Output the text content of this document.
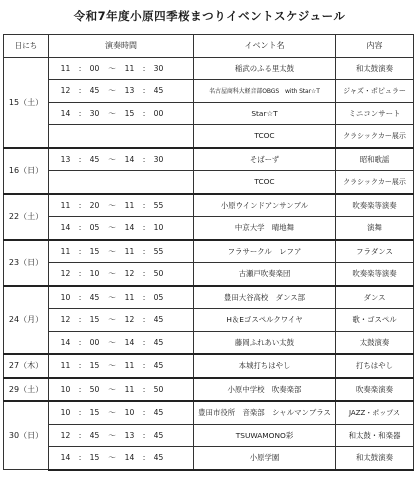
令和7年度小原四季桜まつりイベントスケジュール
日にち	演奏時間	イベント名	内容
15（土）	11 : 00 ～ 11 : 30	稲武のふる里太鼓	和太鼓演奏
	12 : 45 ～ 13 : 45	名古屋商科大軽音部OBGS　with Star☆T	ジャズ・ポピュラー
	14 : 30 ～ 15 : 00	Star☆T	ミニコンサート
		TCOC	クラシックカー展示
16（日）	13 : 45 ～ 14 : 30	そばーず	昭和歌謡
		TCOC	クラシックカー展示
22（土）	11 : 20 ～ 11 : 55	小原ウインドアンサンブル	吹奏楽等演奏
	14 : 05 ～ 14 : 10	中京大学　晴地舞	演舞
23（日）	11 : 15 ～ 11 : 55	フラサークル　レフア	フラダンス
	12 : 10 ～ 12 : 50	古瀬戸吹奏楽団	吹奏楽等演奏
24（月）	10 : 45 ～ 11 : 05	豊田大谷高校　ダンス部	ダンス
	12 : 15 ～ 12 : 45	H＆Eゴスペルクワイヤ	歌・ゴスペル
	14 : 00 ～ 14 : 45	藤岡ふれあい太鼓	太鼓演奏
27（木）	11 : 15 ～ 11 : 45	本城打ちはやし	打ちはやし
29（土）	10 : 50 ～ 11 : 50	小原中学校　吹奏楽部	吹奏楽演奏
30（日）	10 : 15 ～ 10 : 45	豊田市役所　音楽部　シャルマンブラス	JAZZ・ポップス
	12 : 45 ～ 13 : 45	TSUWAMONO彩	和太鼓・和楽器
	14 : 15 ～ 14 : 45	小原学園	和太鼓演奏
